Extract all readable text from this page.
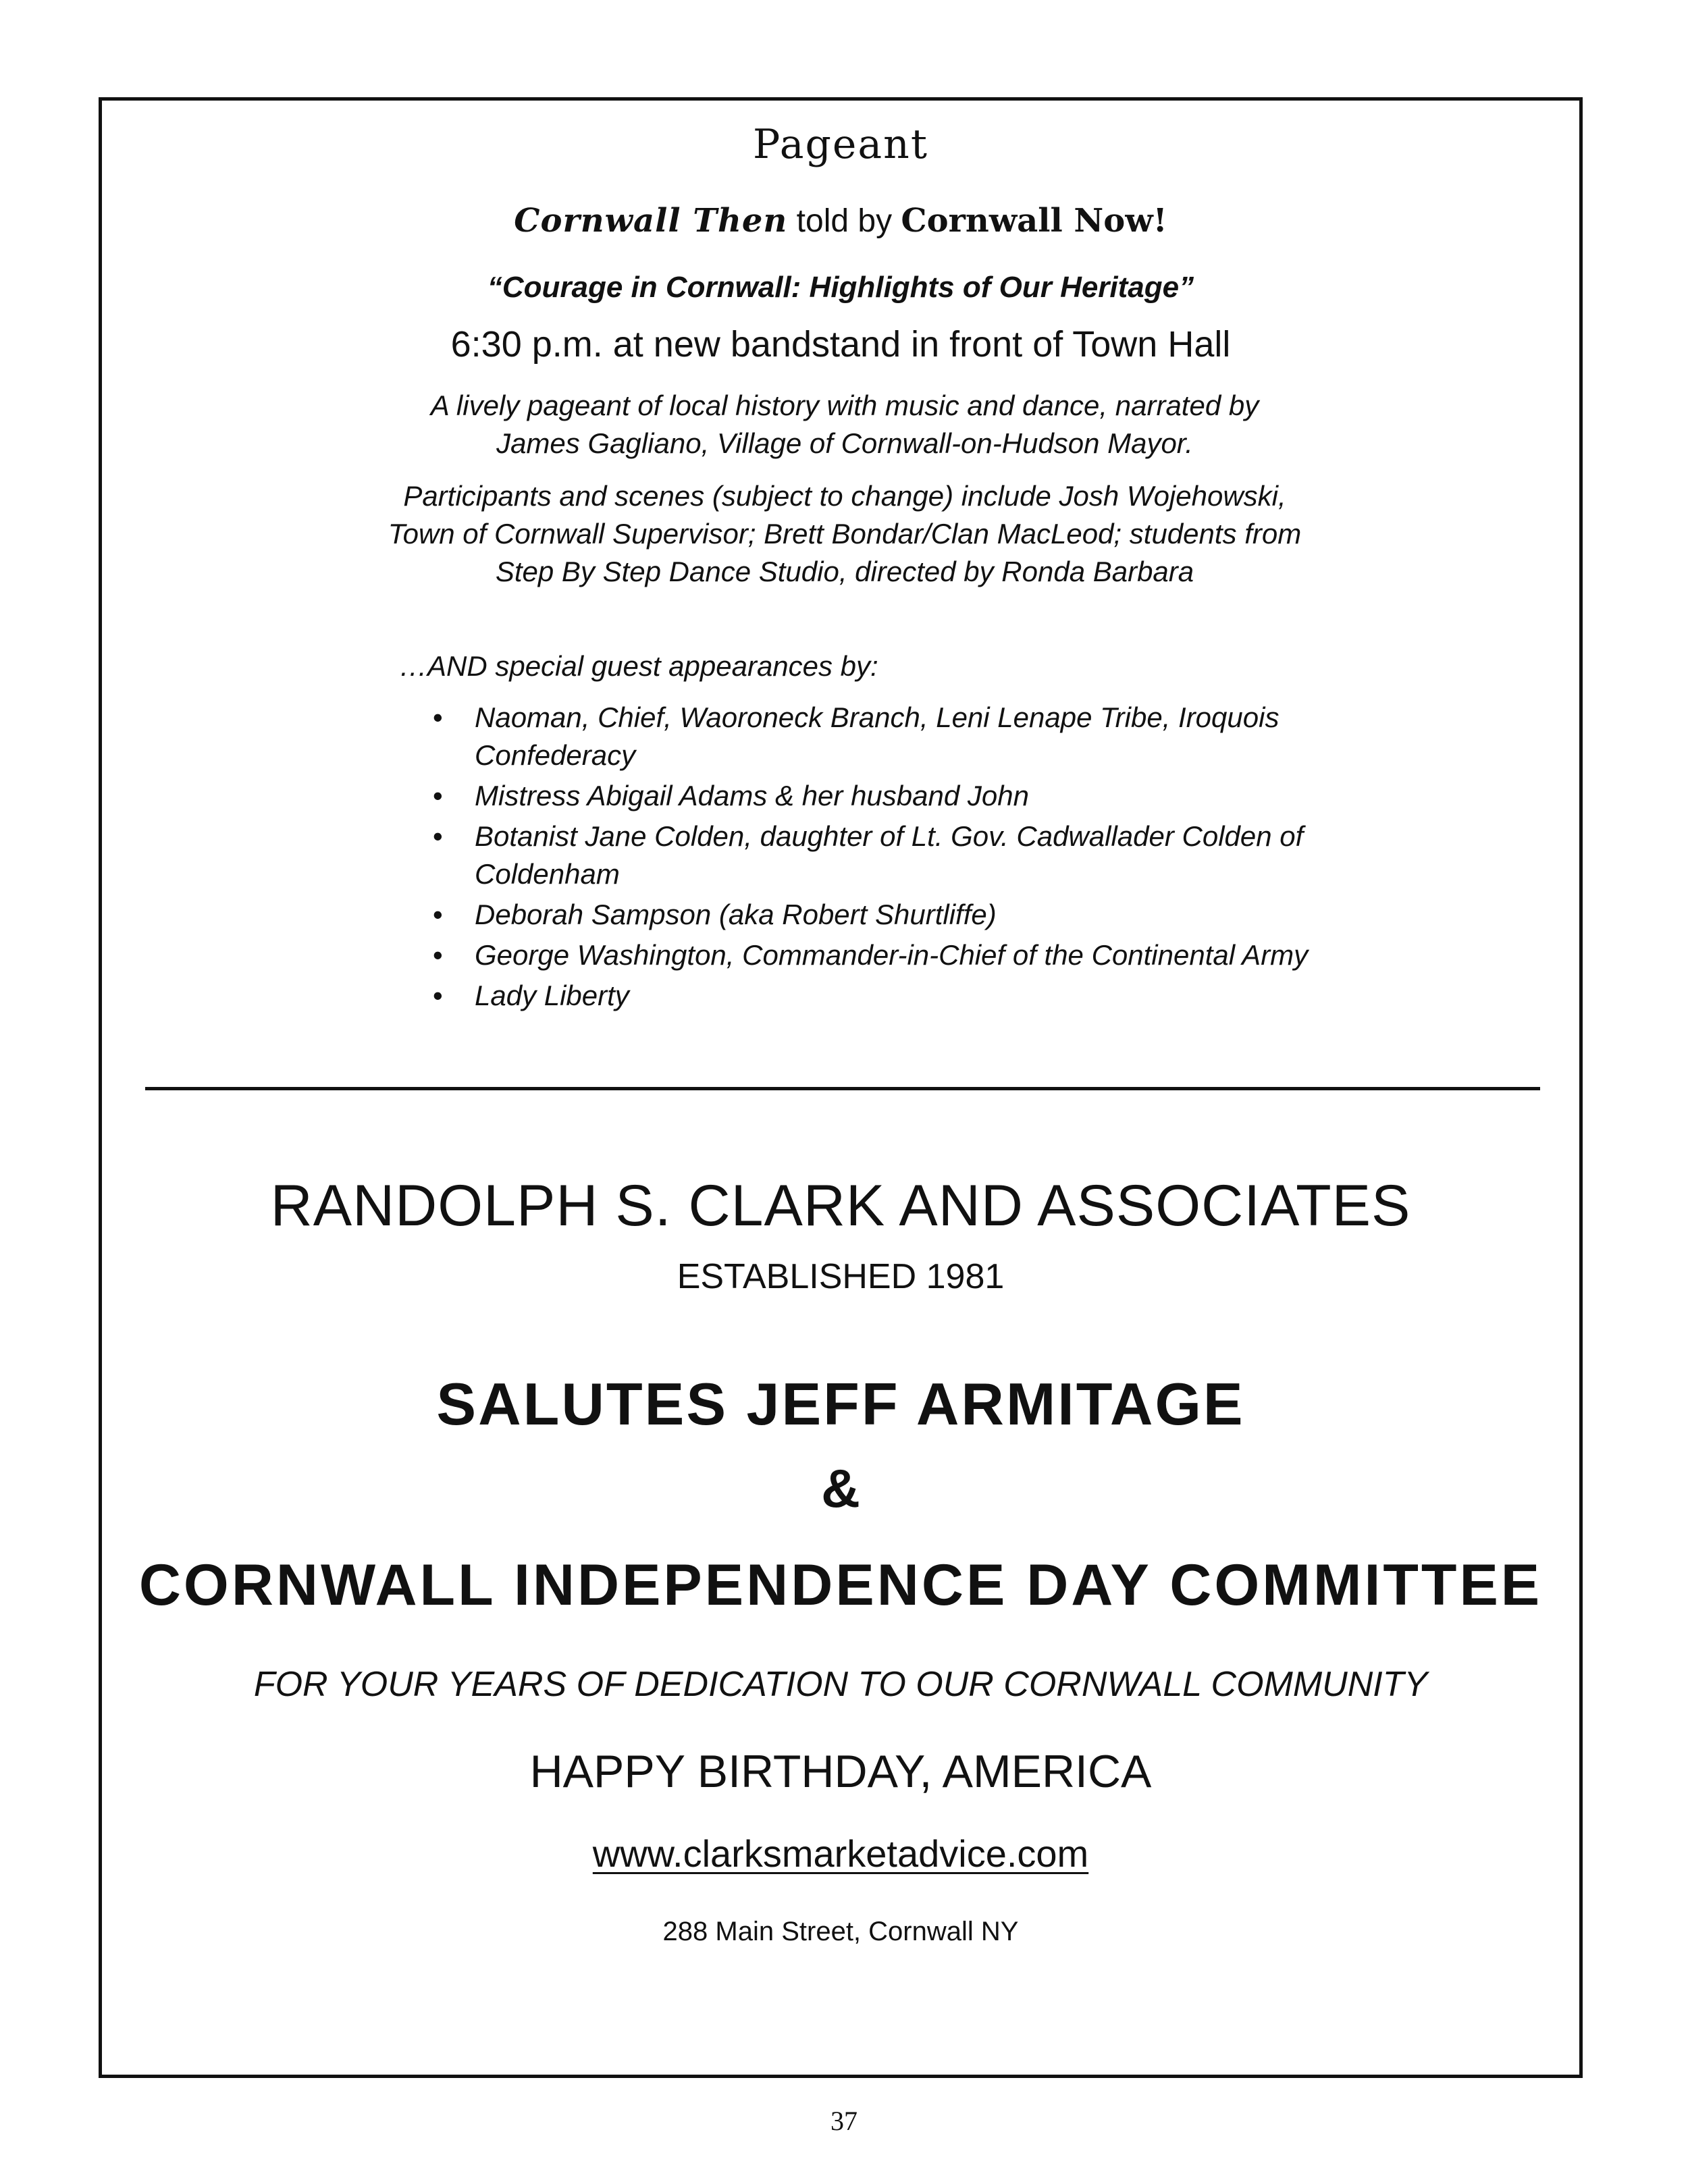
Pageant
Cornwall Then told by Cornwall Now!
“Courage in Cornwall: Highlights of Our Heritage”
6:30 p.m. at new bandstand in front of Town Hall
A lively pageant of local history with music and dance, narrated by James Gagliano, Village of Cornwall-on-Hudson Mayor.
Participants and scenes (subject to change) include Josh Wojehowski, Town of Cornwall Supervisor; Brett Bondar/Clan MacLeod; students from Step By Step Dance Studio, directed by Ronda Barbara
…AND special guest appearances by:
• Naoman, Chief, Waoroneck Branch, Leni Lenape Tribe, Iroquois Confederacy
• Mistress Abigail Adams & her husband John
• Botanist Jane Colden, daughter of Lt. Gov. Cadwallader Colden of Coldenham
• Deborah Sampson (aka Robert Shurtliffe)
• George Washington, Commander-in-Chief of the Continental Army
• Lady Liberty
RANDOLPH S. CLARK AND ASSOCIATES
ESTABLISHED 1981
SALUTES JEFF ARMITAGE
&
CORNWALL INDEPENDENCE DAY COMMITTEE
FOR YOUR YEARS OF DEDICATION TO OUR CORNWALL COMMUNITY
HAPPY BIRTHDAY, AMERICA
www.clarksmarketadvice.com
288 Main Street, Cornwall NY
37
